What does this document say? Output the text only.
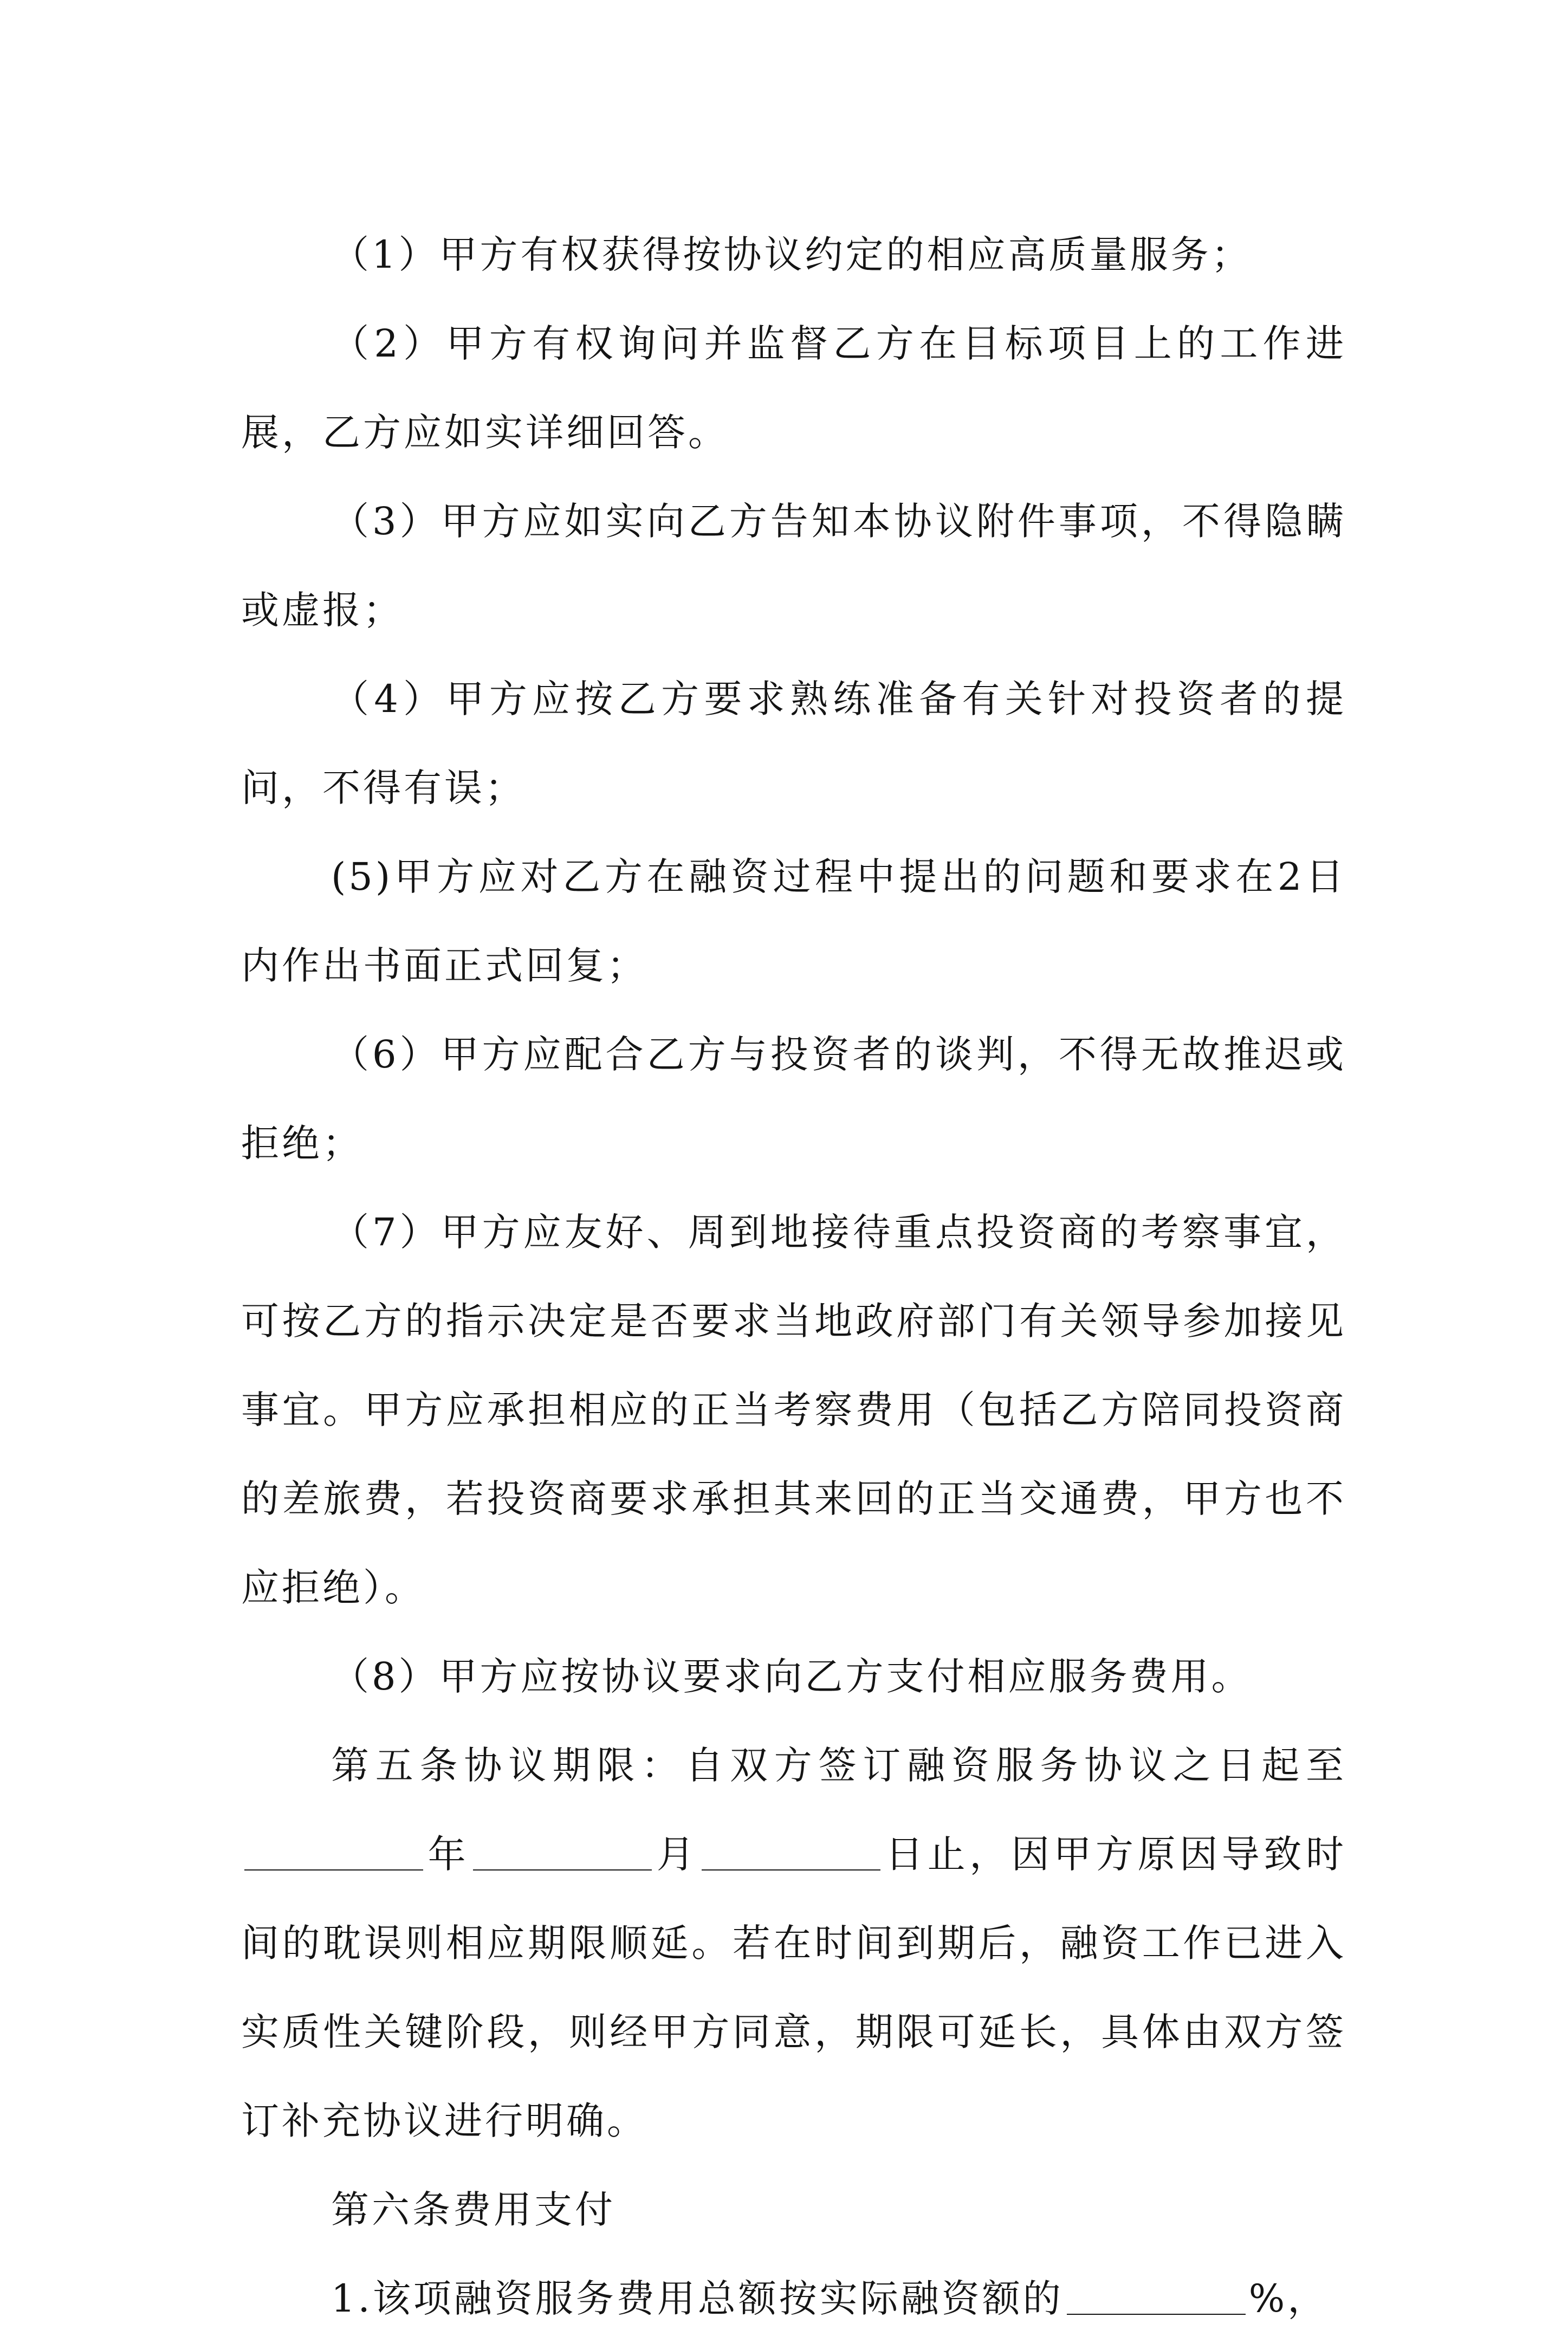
（1）甲方有权获得按协议约定的相应高质量服务；

（2）甲方有权询问并监督乙方在目标项目上的工作进展，乙方应如实详细回答。

（3）甲方应如实向乙方告知本协议附件事项，不得隐瞒或虚报；

（4）甲方应按乙方要求熟练准备有关针对投资者的提问，不得有误；

(5)甲方应对乙方在融资过程中提出的问题和要求在2日内作出书面正式回复；

（6）甲方应配合乙方与投资者的谈判，不得无故推迟或拒绝；

（7）甲方应友好、周到地接待重点投资商的考察事宜，可按乙方的指示决定是否要求当地政府部门有关领导参加接见事宜。甲方应承担相应的正当考察费用（包括乙方陪同投资商的差旅费，若投资商要求承担其来回的正当交通费，甲方也不应拒绝）。

（8）甲方应按协议要求向乙方支付相应服务费用。

第五条协议期限：自双方签订融资服务协议之日起至年	月	日止，因甲方原因导致时间的耽误则相应期限顺延。若在时间到期后，融资工作已进入实质性关键阶段，则经甲方同意，期限可延长，具体由双方签订补充协议进行明确。

第六条费用支付

1.该项融资服务费用总额按实际融资额的	%，
